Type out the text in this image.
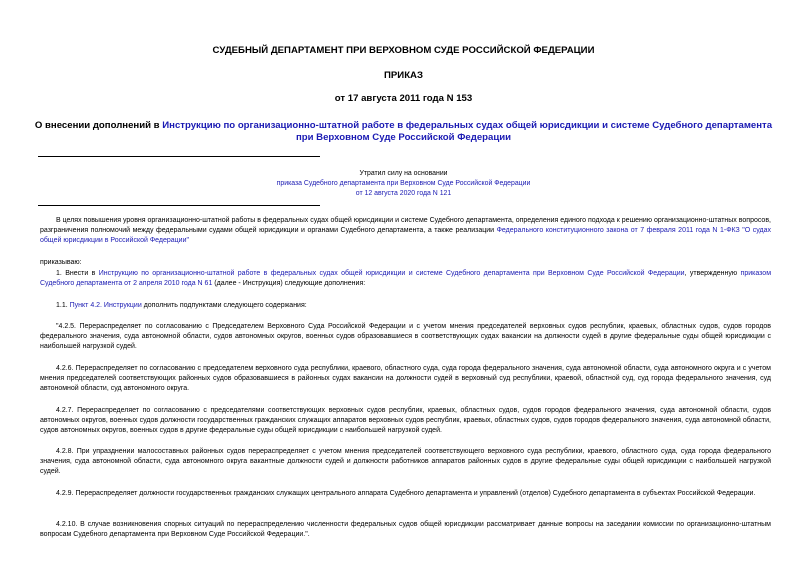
СУДЕБНЫЙ ДЕПАРТАМЕНТ ПРИ ВЕРХОВНОМ СУДЕ РОССИЙСКОЙ ФЕДЕРАЦИИ
ПРИКАЗ
от 17 августа 2011 года N 153
О внесении дополнений в Инструкцию по организационно-штатной работе в федеральных судах общей юрисдикции и системе Судебного департамента при Верховном Суде Российской Федерации
Утратил силу на основании
приказа Судебного департамента при Верховном Суде Российской Федерации
от 12 августа 2020 года N 121
В целях повышения уровня организационно-штатной работы в федеральных судах общей юрисдикции и системе Судебного департамента, определения единого подхода к решению организационно-штатных вопросов, разграничения полномочий между федеральными судами общей юрисдикции и органами Судебного департамента, а также реализации Федерального конституционного закона от 7 февраля 2011 года N 1-ФКЗ "О судах общей юрисдикции в Российской Федерации"
приказываю:
1. Внести в Инструкцию по организационно-штатной работе в федеральных судах общей юрисдикции и системе Судебного департамента при Верховном Суде Российской Федерации, утвержденную приказом Судебного департамента от 2 апреля 2010 года N 61 (далее - Инструкция) следующие дополнения:
1.1. Пункт 4.2. Инструкции дополнить подпунктами следующего содержания:
"4.2.5. Перераспределяет по согласованию с Председателем Верховного Суда Российской Федерации и с учетом мнения председателей верховных судов республик, краевых, областных судов, судов городов федерального значения, суда автономной области, судов автономных округов, военных судов образовавшиеся в соответствующих судах вакансии на должности судей в другие федеральные суды общей юрисдикции с наибольшей нагрузкой судей.
4.2.6. Перераспределяет по согласованию с председателем верховного суда республики, краевого, областного суда, суда города федерального значения, суда автономной области, суда автономного округа и с учетом мнения председателей соответствующих районных судов образовавшиеся в районных судах вакансии на должности судей в верховный суд республики, краевой, областной суд, суд города федерального значения, суд автономной области, суд автономного округа.
4.2.7. Перераспределяет по согласованию с председателями соответствующих верховных судов республик, краевых, областных судов, судов городов федерального значения, суда автономной области, судов автономных округов, военных судов должности государственных гражданских служащих аппаратов верховных судов республик, краевых, областных судов, судов городов федерального значения, суда автономной области, судов автономных округов, военных судов в другие федеральные суды общей юрисдикции с наибольшей нагрузкой судей.
4.2.8. При упразднении малосоставных районных судов перераспределяет с учетом мнения председателей соответствующего верховного суда республики, краевого, областного суда, суда города федерального значения, суда автономной области, суда автономного округа вакантные должности судей и должности работников аппаратов районных судов в другие федеральные суды общей юрисдикции с наибольшей нагрузкой судей.
4.2.9. Перераспределяет должности государственных гражданских служащих центрального аппарата Судебного департамента и управлений (отделов) Судебного департамента в субъектах Российской Федерации.
4.2.10. В случае возникновения спорных ситуаций по перераспределению численности федеральных судов общей юрисдикции рассматривает данные вопросы на заседании комиссии по организационно-штатным вопросам Судебного департамента при Верховном Суде Российской Федерации.".
